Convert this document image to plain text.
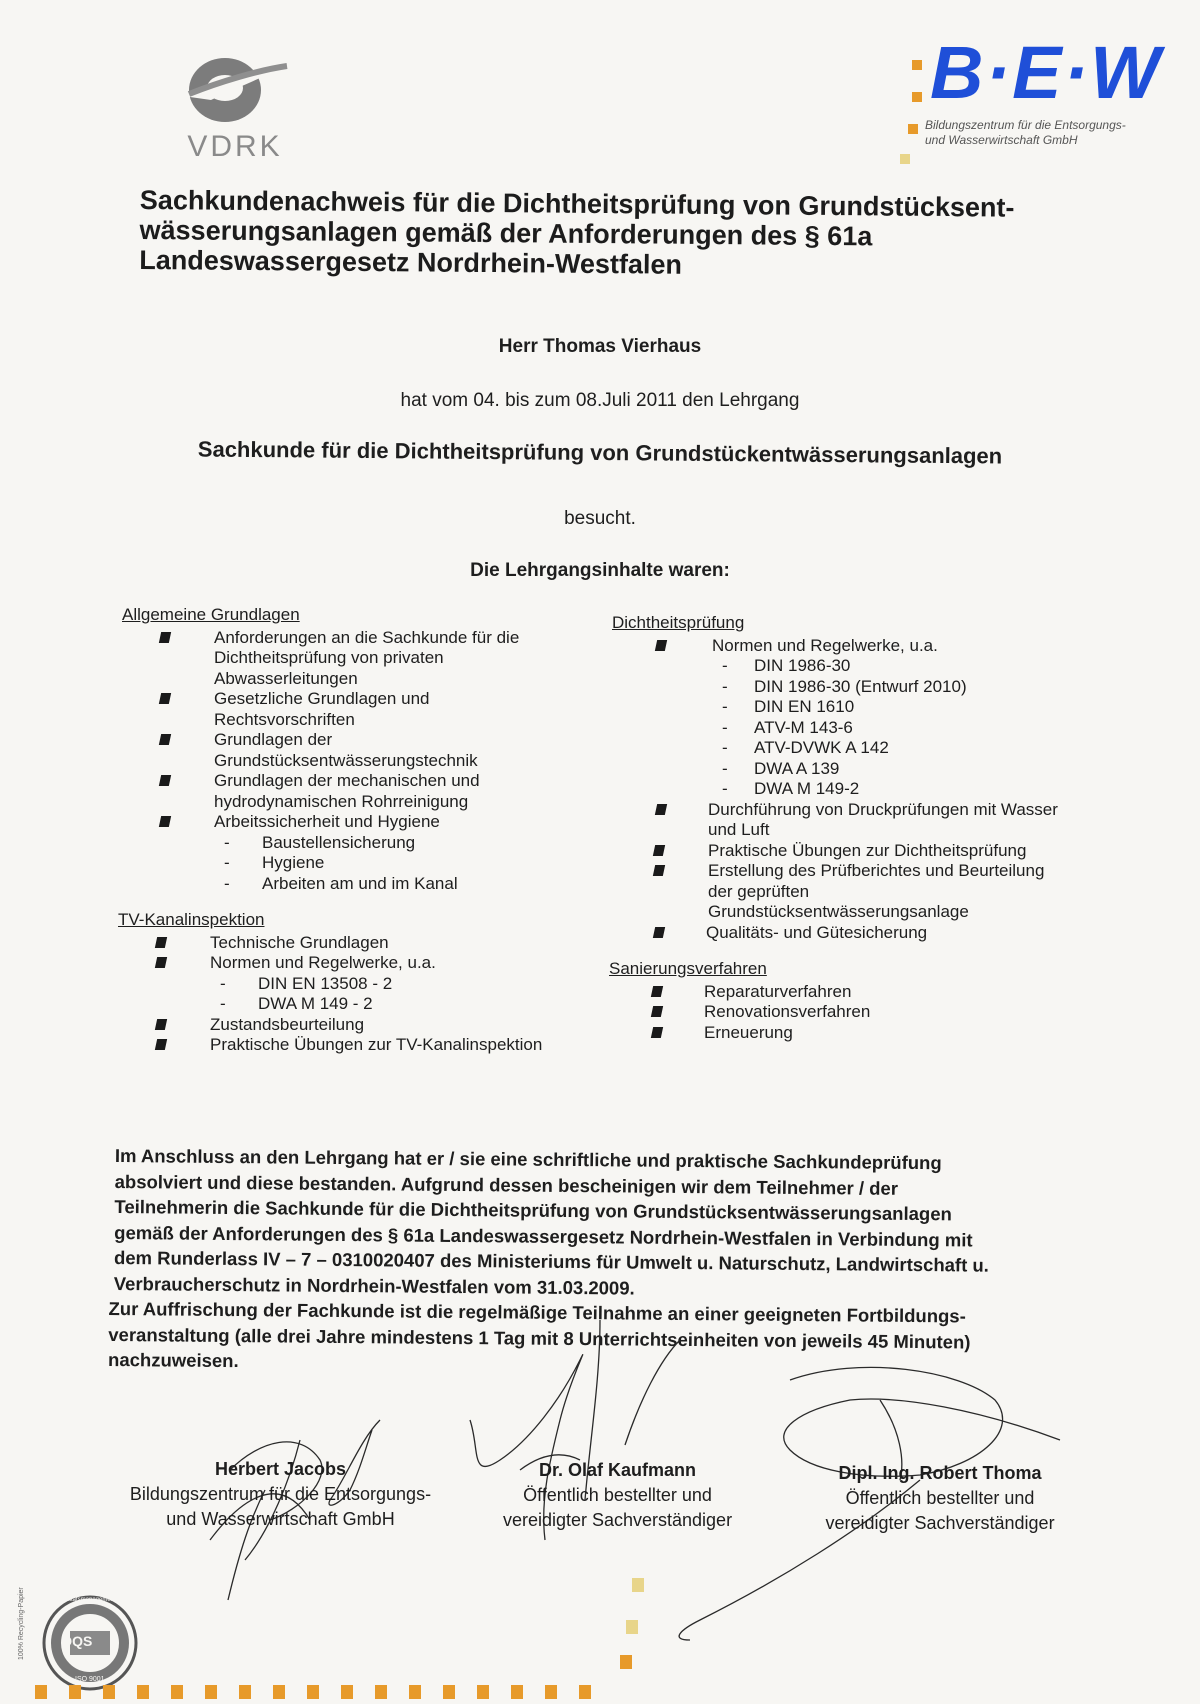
VDRK
B·E·W
Bildungszentrum für die Entsorgungs-
und Wasserwirtschaft GmbH
Sachkundenachweis für die Dichtheitsprüfung von Grundstücksent-
wässerungsanlagen gemäß der Anforderungen des § 61a
Landeswassergesetz Nordrhein-Westfalen
Herr Thomas Vierhaus
hat vom 04. bis zum 08.Juli 2011 den Lehrgang
Sachkunde für die Dichtheitsprüfung von Grundstückentwässerungsanlagen
besucht.
Die Lehrgangsinhalte waren:
Allgemeine Grundlagen
Anforderungen an die Sachkunde für die
Dichtheitsprüfung von privaten
Abwasserleitungen
Gesetzliche Grundlagen und
Rechtsvorschriften
Grundlagen der
Grundstücksentwässerungstechnik
Grundlagen der mechanischen und
hydrodynamischen Rohrreinigung
Arbeitssicherheit und Hygiene
- Baustellensicherung
- Hygiene
- Arbeiten am und im Kanal
TV-Kanalinspektion
Technische Grundlagen
Normen und Regelwerke, u.a.
- DIN EN 13508 - 2
- DWA M 149 - 2
Zustandsbeurteilung
Praktische Übungen zur TV-Kanalinspektion
Dichtheitsprüfung
Normen und Regelwerke, u.a.
- DIN 1986-30
- DIN 1986-30 (Entwurf 2010)
- DIN EN 1610
- ATV-M 143-6
- ATV-DVWK A 142
- DWA A 139
- DWA M 149-2
Durchführung von Druckprüfungen mit Wasser
und Luft
Praktische Übungen zur Dichtheitsprüfung
Erstellung des Prüfberichtes und Beurteilung
der geprüften
Grundstücksentwässerungsanlage
Qualitäts- und Gütesicherung
Sanierungsverfahren
Reparaturverfahren
Renovationsverfahren
Erneuerung
Im Anschluss an den Lehrgang hat er / sie eine schriftliche und praktische Sachkundeprüfung
absolviert und diese bestanden. Aufgrund dessen bescheinigen wir dem Teilnehmer / der
Teilnehmerin die Sachkunde für die Dichtheitsprüfung von Grundstücksentwässerungsanlagen
gemäß der Anforderungen des § 61a Landeswassergesetz Nordrhein-Westfalen in Verbindung mit
dem Runderlass IV – 7 – 0310020407 des Ministeriums für Umwelt u. Naturschutz, Landwirtschaft u.
Verbraucherschutz in Nordrhein-Westfalen vom 31.03.2009.
Zur Auffrischung der Fachkunde ist die regelmäßige Teilnahme an einer geeigneten Fortbildungs-
veranstaltung (alle drei Jahre mindestens 1 Tag mit 8 Unterrichtseinheiten von jeweils 45 Minuten)
nachzuweisen.
Herbert Jacobs
Bildungszentrum für die Entsorgungs-
und Wasserwirtschaft GmbH
Dr. Olaf Kaufmann
Öffentlich bestellter und
vereidigter Sachverständiger
Dipl. Ing. Robert Thoma
Öffentlich bestellter und
vereidigter Sachverständiger
DQS
Qualitätsmanagement
ISO 9001
100% Recycling-Papier
